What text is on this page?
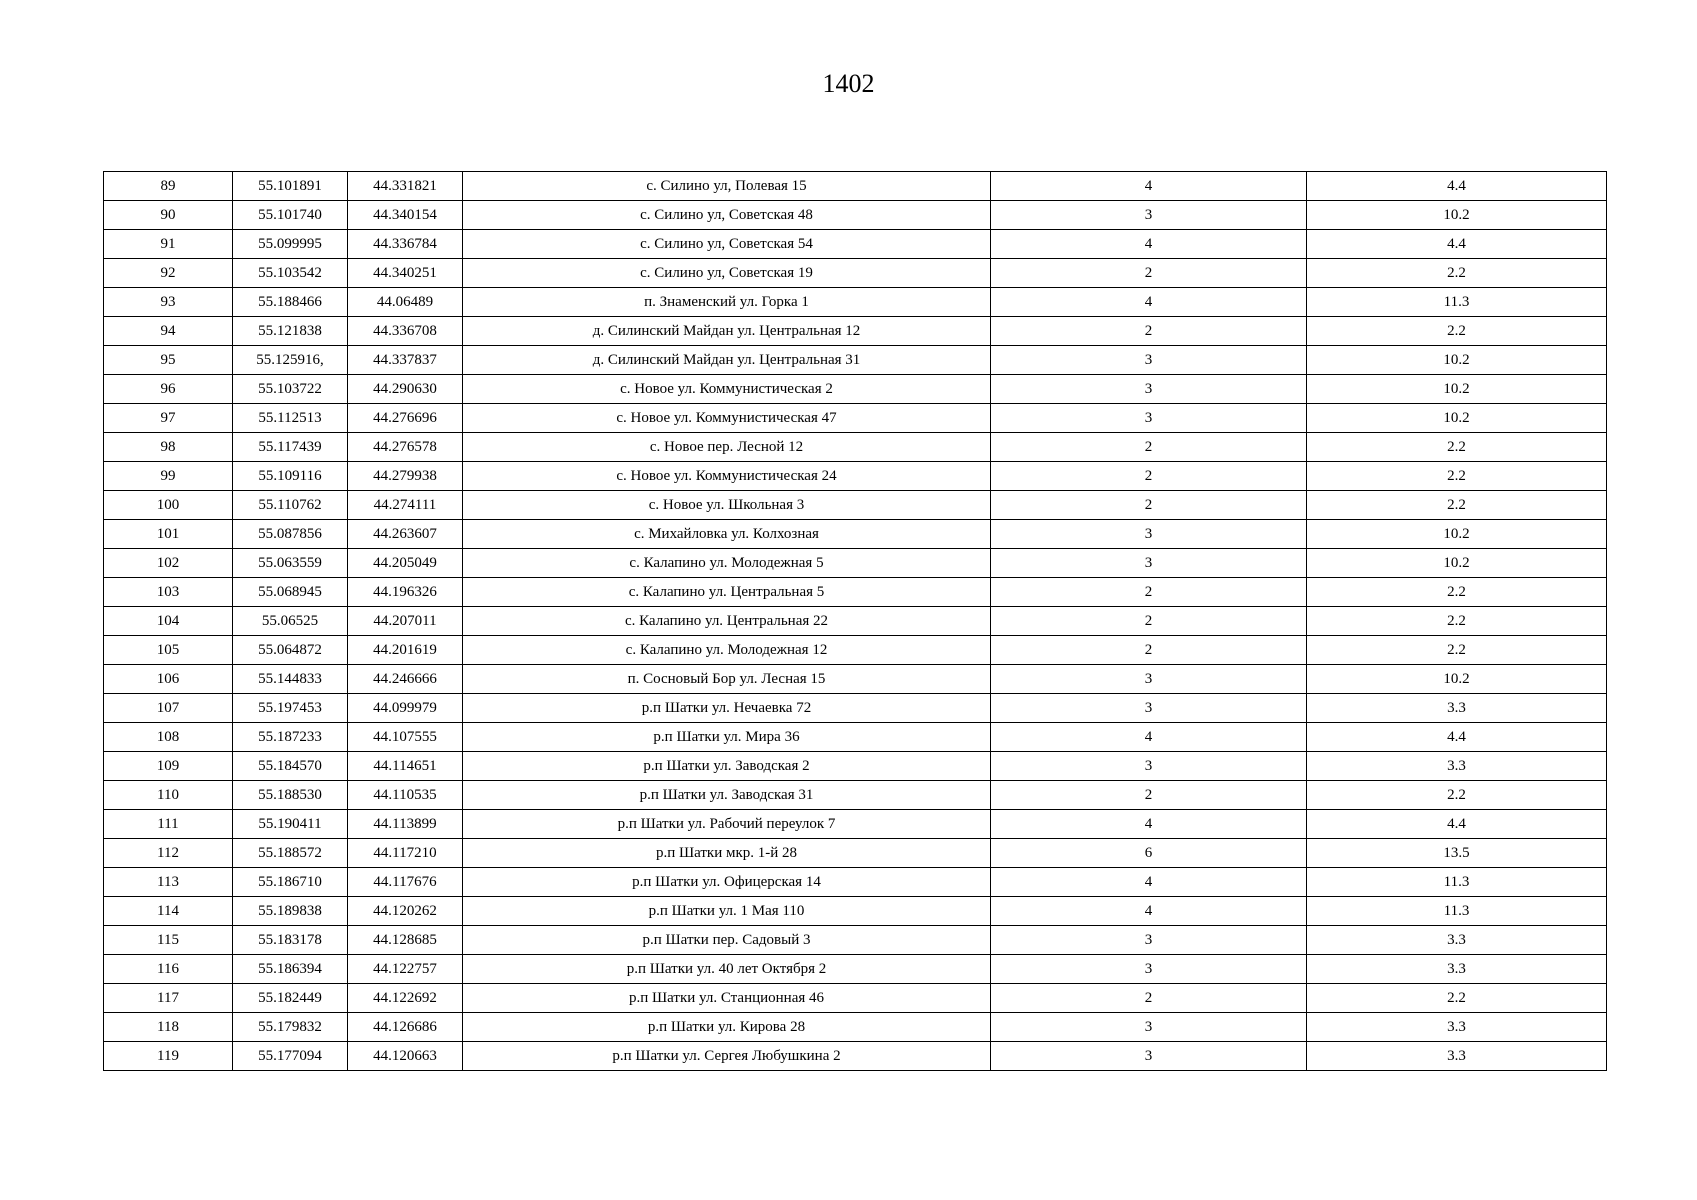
1402
89	55.101891	44.331821	с. Силино ул, Полевая 15	4	4.4
90	55.101740	44.340154	с. Силино ул, Советская 48	3	10.2
91	55.099995	44.336784	с. Силино ул, Советская 54	4	4.4
92	55.103542	44.340251	с. Силино ул, Советская 19	2	2.2
93	55.188466	44.06489	п. Знаменский ул. Горка 1	4	11.3
94	55.121838	44.336708	д. Силинский Майдан ул. Центральная 12	2	2.2
95	55.125916,	44.337837	д. Силинский Майдан ул. Центральная 31	3	10.2
96	55.103722	44.290630	с. Новое ул. Коммунистическая 2	3	10.2
97	55.112513	44.276696	с. Новое ул. Коммунистическая 47	3	10.2
98	55.117439	44.276578	с. Новое пер. Лесной 12	2	2.2
99	55.109116	44.279938	с. Новое ул. Коммунистическая 24	2	2.2
100	55.110762	44.274111	с. Новое ул. Школьная 3	2	2.2
101	55.087856	44.263607	с. Михайловка ул. Колхозная	3	10.2
102	55.063559	44.205049	с. Калапино ул. Молодежная 5	3	10.2
103	55.068945	44.196326	с. Калапино ул. Центральная 5	2	2.2
104	55.06525	44.207011	с. Калапино ул. Центральная 22	2	2.2
105	55.064872	44.201619	с. Калапино ул. Молодежная 12	2	2.2
106	55.144833	44.246666	п. Сосновый Бор ул. Лесная 15	3	10.2
107	55.197453	44.099979	р.п Шатки ул. Нечаевка 72	3	3.3
108	55.187233	44.107555	р.п Шатки ул. Мира 36	4	4.4
109	55.184570	44.114651	р.п Шатки ул. Заводская 2	3	3.3
110	55.188530	44.110535	р.п Шатки ул. Заводская 31	2	2.2
111	55.190411	44.113899	р.п Шатки ул. Рабочий переулок 7	4	4.4
112	55.188572	44.117210	р.п Шатки мкр. 1-й 28	6	13.5
113	55.186710	44.117676	р.п Шатки ул. Офицерская 14	4	11.3
114	55.189838	44.120262	р.п Шатки ул. 1 Мая 110	4	11.3
115	55.183178	44.128685	р.п Шатки пер. Садовый 3	3	3.3
116	55.186394	44.122757	р.п Шатки ул. 40 лет Октября 2	3	3.3
117	55.182449	44.122692	р.п Шатки ул. Станционная 46	2	2.2
118	55.179832	44.126686	р.п Шатки ул. Кирова 28	3	3.3
119	55.177094	44.120663	р.п Шатки ул. Сергея Любушкина 2	3	3.3
